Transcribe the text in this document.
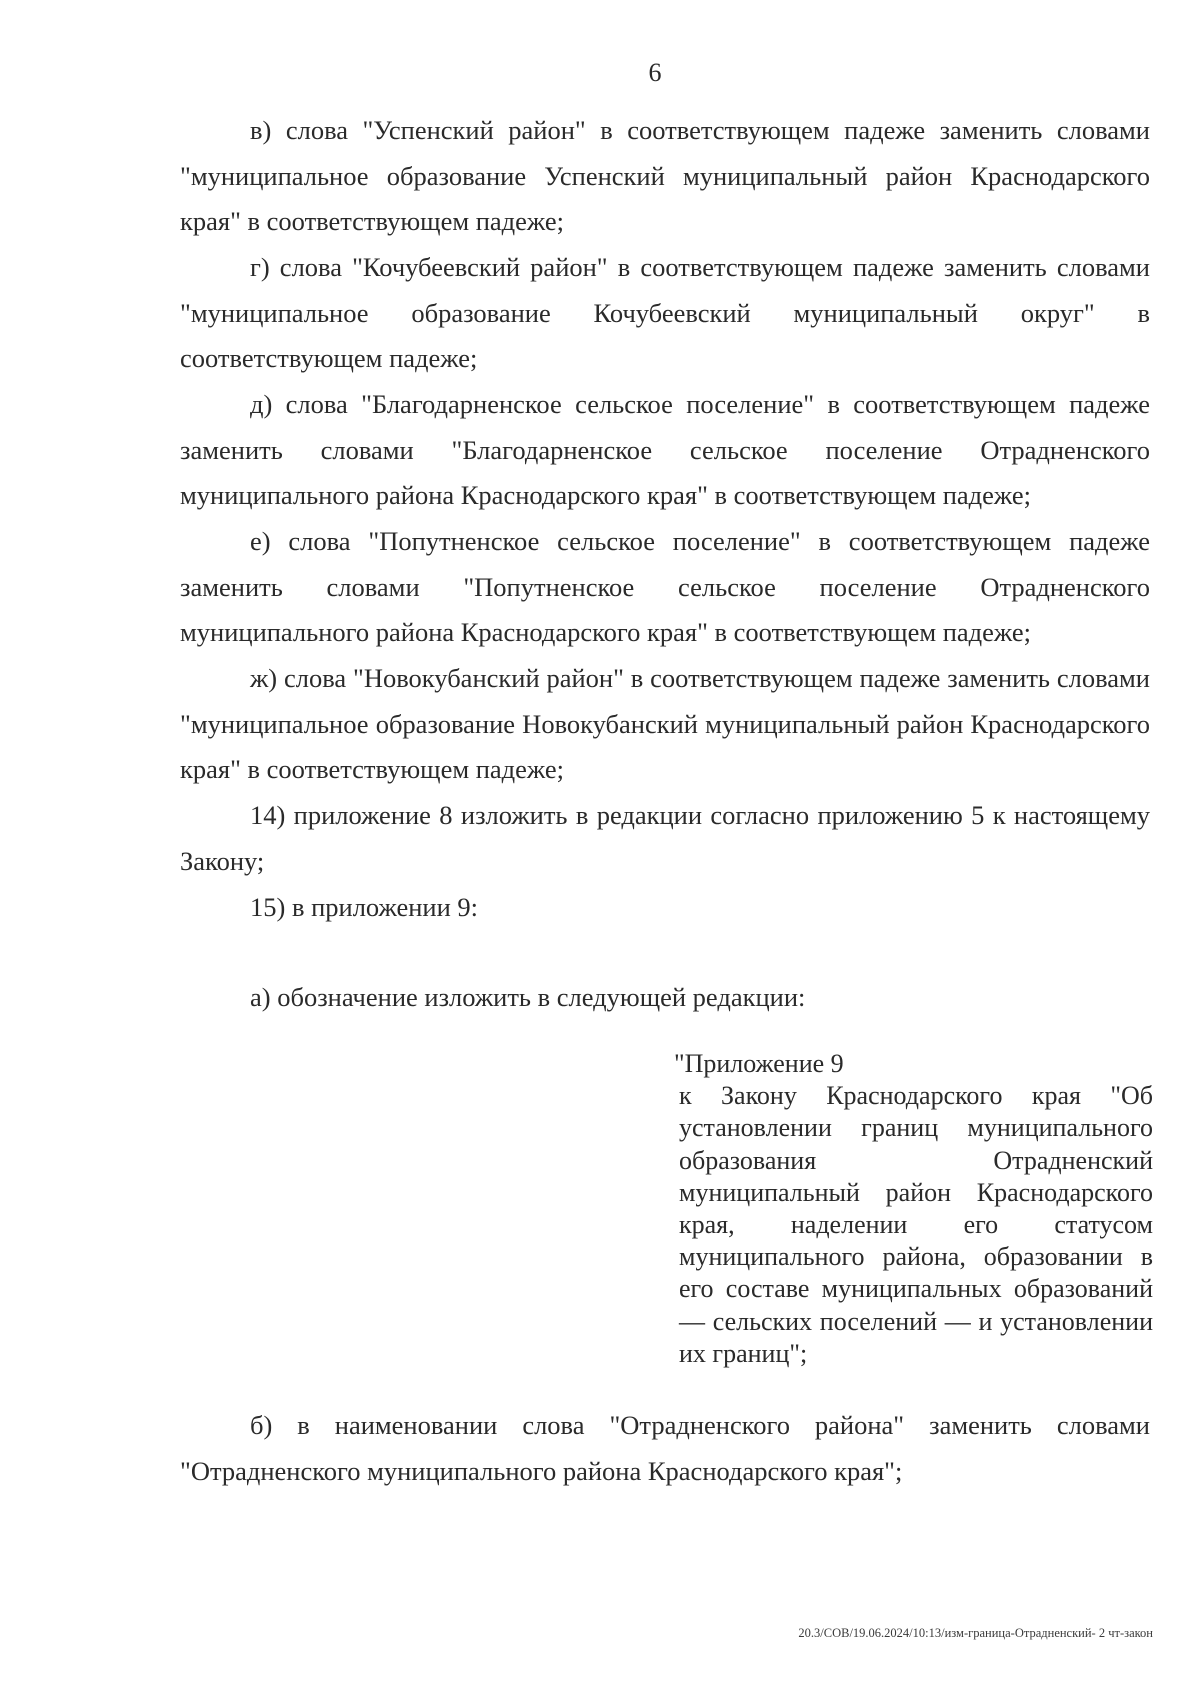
6

в) слова "Успенский район" в соответствующем падеже заменить словами "муниципальное образование Успенский муниципальный район Краснодарского края" в соответствующем падеже;

г) слова "Кочубеевский район" в соответствующем падеже заменить словами "муниципальное образование Кочубеевский муниципальный округ" в соответствующем падеже;

д) слова "Благодарненское сельское поселение" в соответствующем падеже заменить словами "Благодарненское сельское поселение Отрадненского муниципального района Краснодарского края" в соответствующем падеже;

е) слова "Попутненское сельское поселение" в соответствующем падеже заменить словами "Попутненское сельское поселение Отрадненского муниципального района Краснодарского края" в соответствующем падеже;

ж) слова "Новокубанский район" в соответствующем падеже заменить словами "муниципальное образование Новокубанский муниципальный район Краснодарского края" в соответствующем падеже;

14) приложение 8 изложить в редакции согласно приложению 5 к настоящему Закону;

15) в приложении 9:

а) обозначение изложить в следующей редакции:

"Приложение 9

к Закону Краснодарского края "Об установлении границ муниципального образования Отрадненский муниципальный район Краснодарского края, наделении его статусом муниципального района, образовании в его составе муниципальных образований — сельских поселений — и установлении их границ";

б) в наименовании слова "Отрадненского района" заменить словами "Отрадненского муниципального района Краснодарского края";

20.3/СОВ/19.06.2024/10:13/изм-граница-Отрадненский- 2 чт-закон
